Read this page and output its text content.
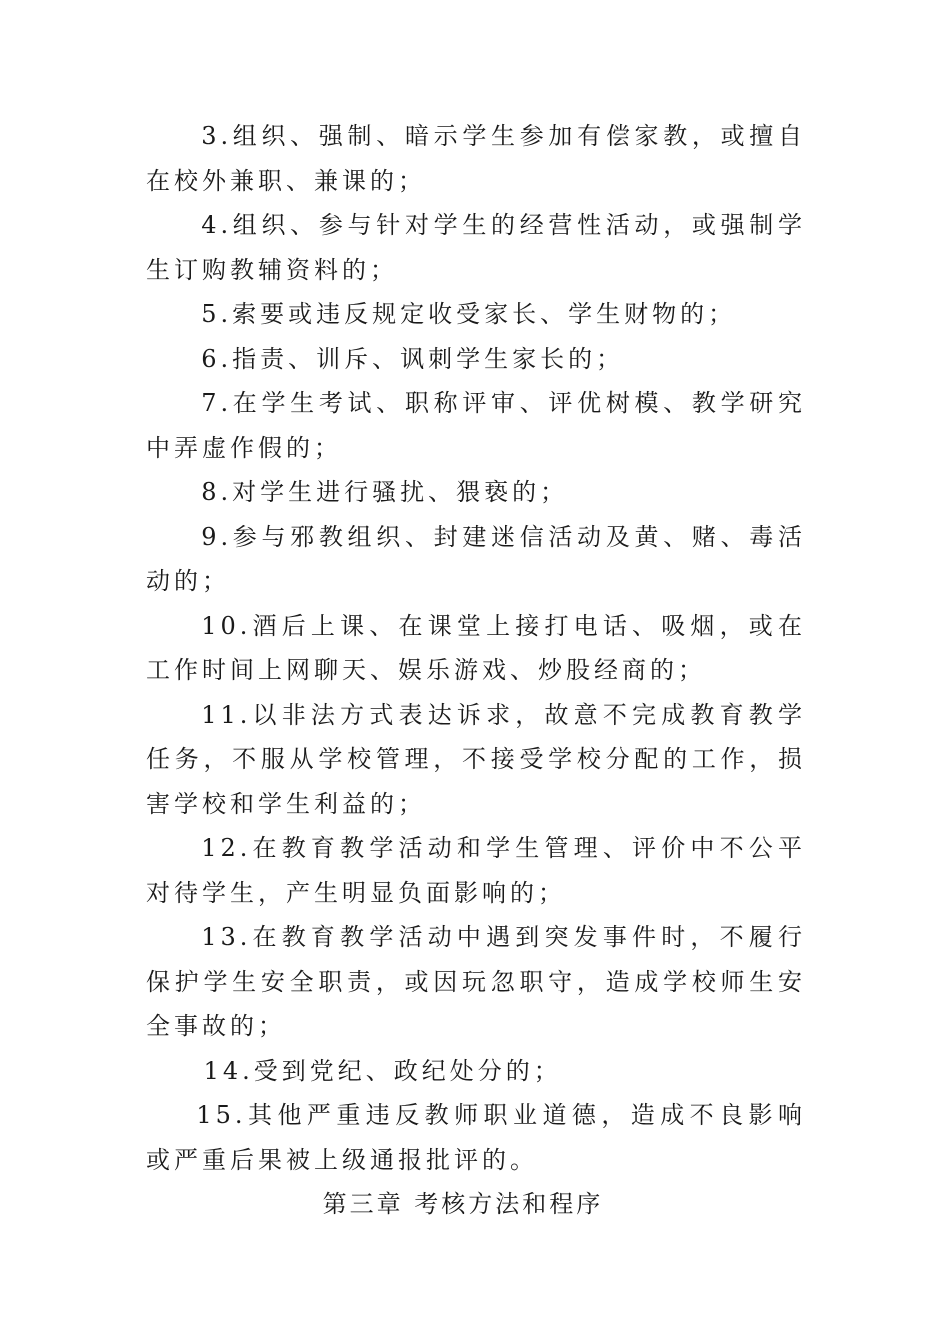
3.组织、强制、暗示学生参加有偿家教，或擅自在校外兼职、兼课的；

4.组织、参与针对学生的经营性活动，或强制学生订购教辅资料的；

5.索要或违反规定收受家长、学生财物的；

6.指责、训斥、讽刺学生家长的；

7.在学生考试、职称评审、评优树模、教学研究中弄虚作假的；

8.对学生进行骚扰、猥亵的；

9.参与邪教组织、封建迷信活动及黄、赌、毒活动的；

10.酒后上课、在课堂上接打电话、吸烟，或在工作时间上网聊天、娱乐游戏、炒股经商的；

11.以非法方式表达诉求，故意不完成教育教学任务，不服从学校管理，不接受学校分配的工作，损害学校和学生利益的；

12.在教育教学活动和学生管理、评价中不公平对待学生，产生明显负面影响的；

13.在教育教学活动中遇到突发事件时，不履行保护学生安全职责，或因玩忽职守，造成学校师生安全事故的；

14.受到党纪、政纪处分的；

15.其他严重违反教师职业道德，造成不良影响或严重后果被上级通报批评的。

第三章 考核方法和程序
